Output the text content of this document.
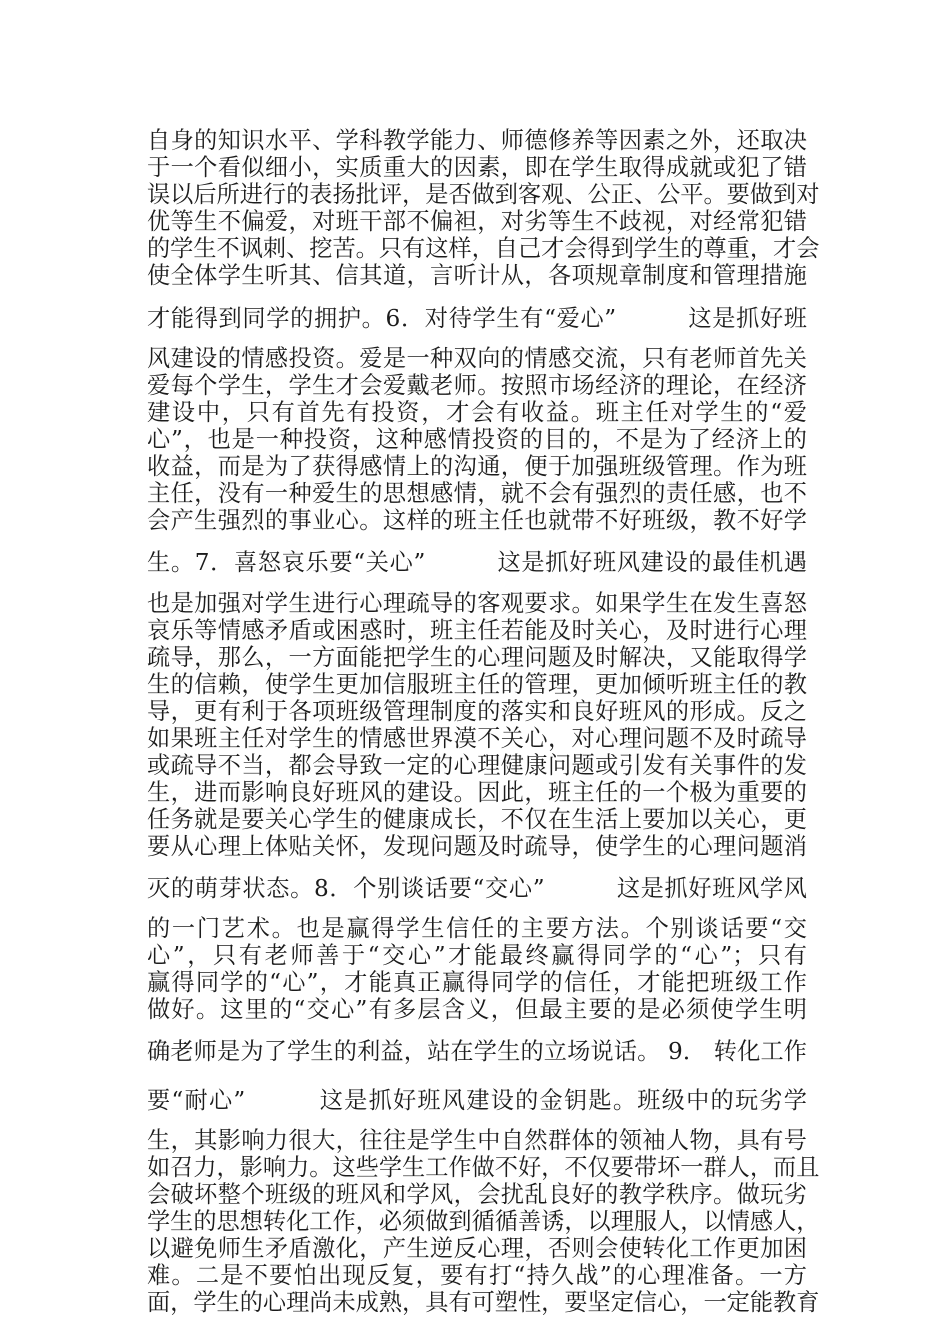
自身的知识水平、学科教学能力、师德修养等因素之外，还取决
于一个看似细小，实质重大的因素，即在学生取得成就或犯了错
误以后所进行的表扬批评，是否做到客观、公正、公平。要做到对
优等生不偏爱，对班干部不偏袒，对劣等生不歧视，对经常犯错
的学生不讽刺、挖苦。只有这样，自己才会得到学生的尊重，才会
使全体学生听其、信其道，言听计从，各项规章制度和管理措施
才能得到同学的拥护。6．对待学生有“爱心”　　　这是抓好班
风建设的情感投资。爱是一种双向的情感交流，只有老师首先关
爱每个学生，学生才会爱戴老师。按照市场经济的理论，在经济
建设中，只有首先有投资，才会有收益。班主任对学生的“爱
心”，也是一种投资，这种感情投资的目的，不是为了经济上的
收益，而是为了获得感情上的沟通，便于加强班级管理。作为班
主任，没有一种爱生的思想感情，就不会有强烈的责任感，也不
会产生强烈的事业心。这样的班主任也就带不好班级，教不好学
生。7．喜怒哀乐要“关心”　　　这是抓好班风建设的最佳机遇
也是加强对学生进行心理疏导的客观要求。如果学生在发生喜怒
哀乐等情感矛盾或困惑时，班主任若能及时关心，及时进行心理
疏导，那么，一方面能把学生的心理问题及时解决，又能取得学
生的信赖，使学生更加信服班主任的管理，更加倾听班主任的教
导，更有利于各项班级管理制度的落实和良好班风的形成。反之
如果班主任对学生的情感世界漠不关心，对心理问题不及时疏导
或疏导不当，都会导致一定的心理健康问题或引发有关事件的发
生，进而影响良好班风的建设。因此，班主任的一个极为重要的
任务就是要关心学生的健康成长，不仅在生活上要加以关心，更
要从心理上体贴关怀，发现问题及时疏导，使学生的心理问题消
灭的萌芽状态。8．个别谈话要“交心”　　　这是抓好班风学风
的一门艺术。也是赢得学生信任的主要方法。个别谈话要“交
心”，只有老师善于“交心”才能最终赢得同学的“心”；只有
赢得同学的“心”，才能真正赢得同学的信任，才能把班级工作
做好。这里的“交心”有多层含义，但最主要的是必须使学生明
确老师是为了学生的利益，站在学生的立场说话。 9． 转化工作
要“耐心”　　　这是抓好班风建设的金钥匙。班级中的玩劣学
生，其影响力很大，往往是学生中自然群体的领袖人物，具有号
如召力，影响力。这些学生工作做不好，不仅要带坏一群人，而且
会破坏整个班级的班风和学风，会扰乱良好的教学秩序。做玩劣
学生的思想转化工作，必须做到循循善诱，以理服人，以情感人，
以避免师生矛盾激化，产生逆反心理，否则会使转化工作更加困
难。二是不要怕出现反复，要有打“持久战”的心理准备。一方
面，学生的心理尚未成熟，具有可塑性，要坚定信心，一定能教育
